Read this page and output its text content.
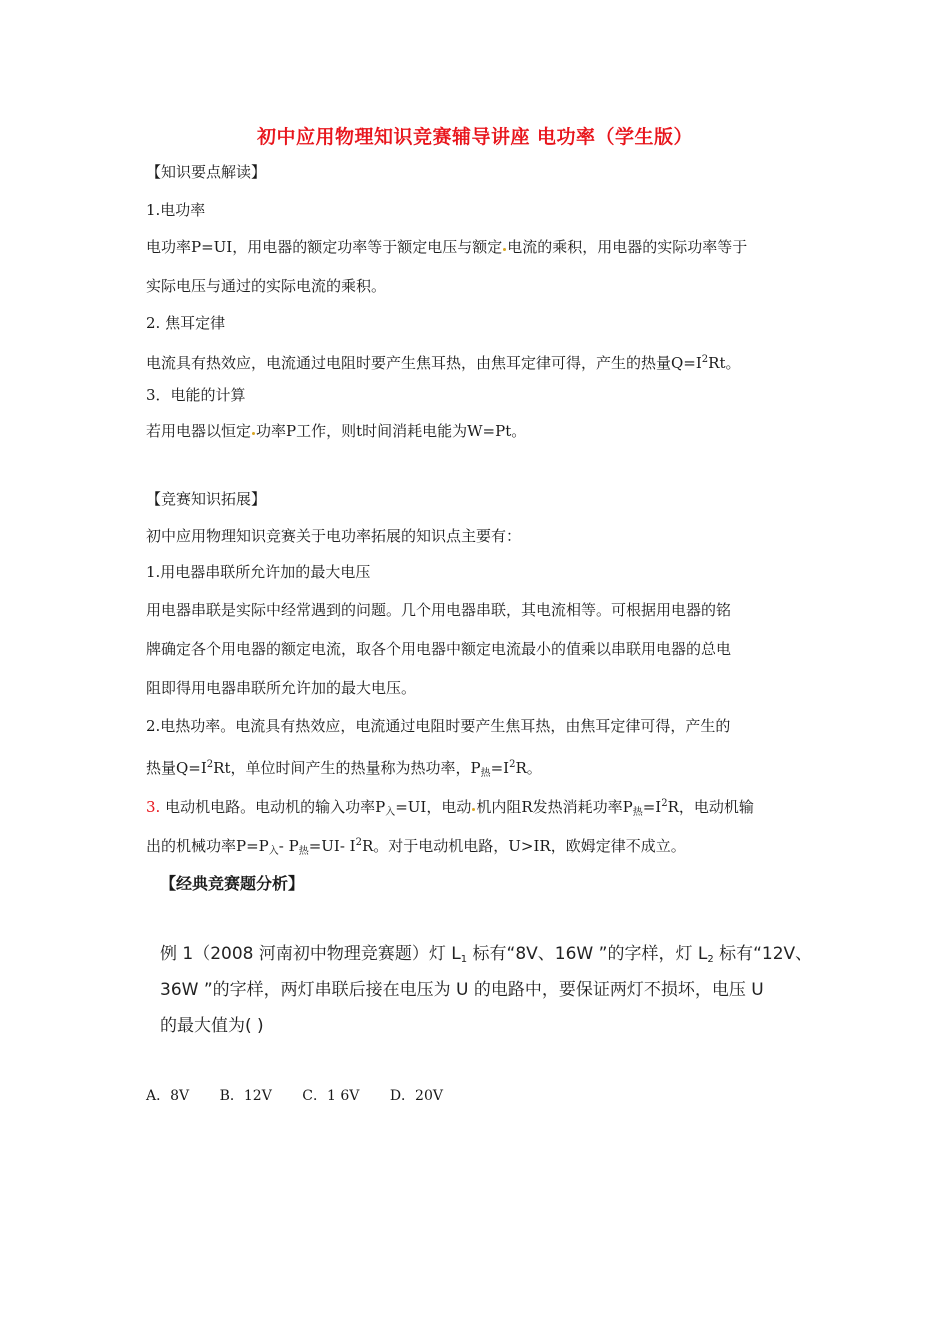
初中应用物理知识竞赛辅导讲座 电功率（学生版）
【知识要点解读】
1.电功率
电功率P=UI，用电器的额定功率等于额定电压与额定 电流的乘积，用电器的实际功率等于
实际电压与通过的实际电流的乘积。
2. 焦耳定律
电流具有热效应，电流通过电阻时要产生焦耳热，由焦耳定律可得，产生的热量$Q=I^2Rt$。
3．电能的计算
若用电器以恒定 功率P工作，则t时间消耗电能为W=Pt。
【竞赛知识拓展】
初中应用物理知识竞赛关于电功率拓展的知识点主要有：
1.用电器串联所允许加的最大电压
用电器串联是实际中经常遇到的问题。几个用电器串联，其电流相等。可根据用电器的铭
牌确定各个用电器的额定电流，取各个用电器中额定电流最小的值乘以串联用电器的总电
阻即得用电器串联所允许加的最大电压。
2.电热功率。电流具有热效应，电流通过电阻时要产生焦耳热，由焦耳定律可得，产生的
热量$Q=I^2Rt$，单位时间产生的热量称为热功率，$P_热=I^2R$。
3. 电动机电路。电动机的输入功率$P_入=UI$，电动 机内阻R发热消耗功率$P_热=I^2R$，电动机输
出的机械功率$P=P_入-$ $P_热=UI-$ $I^2R$。对于电动机电路，U>IR，欧姆定律不成立。
【经典竞赛题分析】
例 1（2008 河南初中物理竞赛题）灯 $L_1$ 标有“8V、16W ”的字样，灯 $L_2$ 标有“12V、
36W ”的字样，两灯串联后接在电压为 U 的电路中，要保证两灯不损坏，电压 U
的最大值为( )
A．8V B．12V C．1 6V D．20V
